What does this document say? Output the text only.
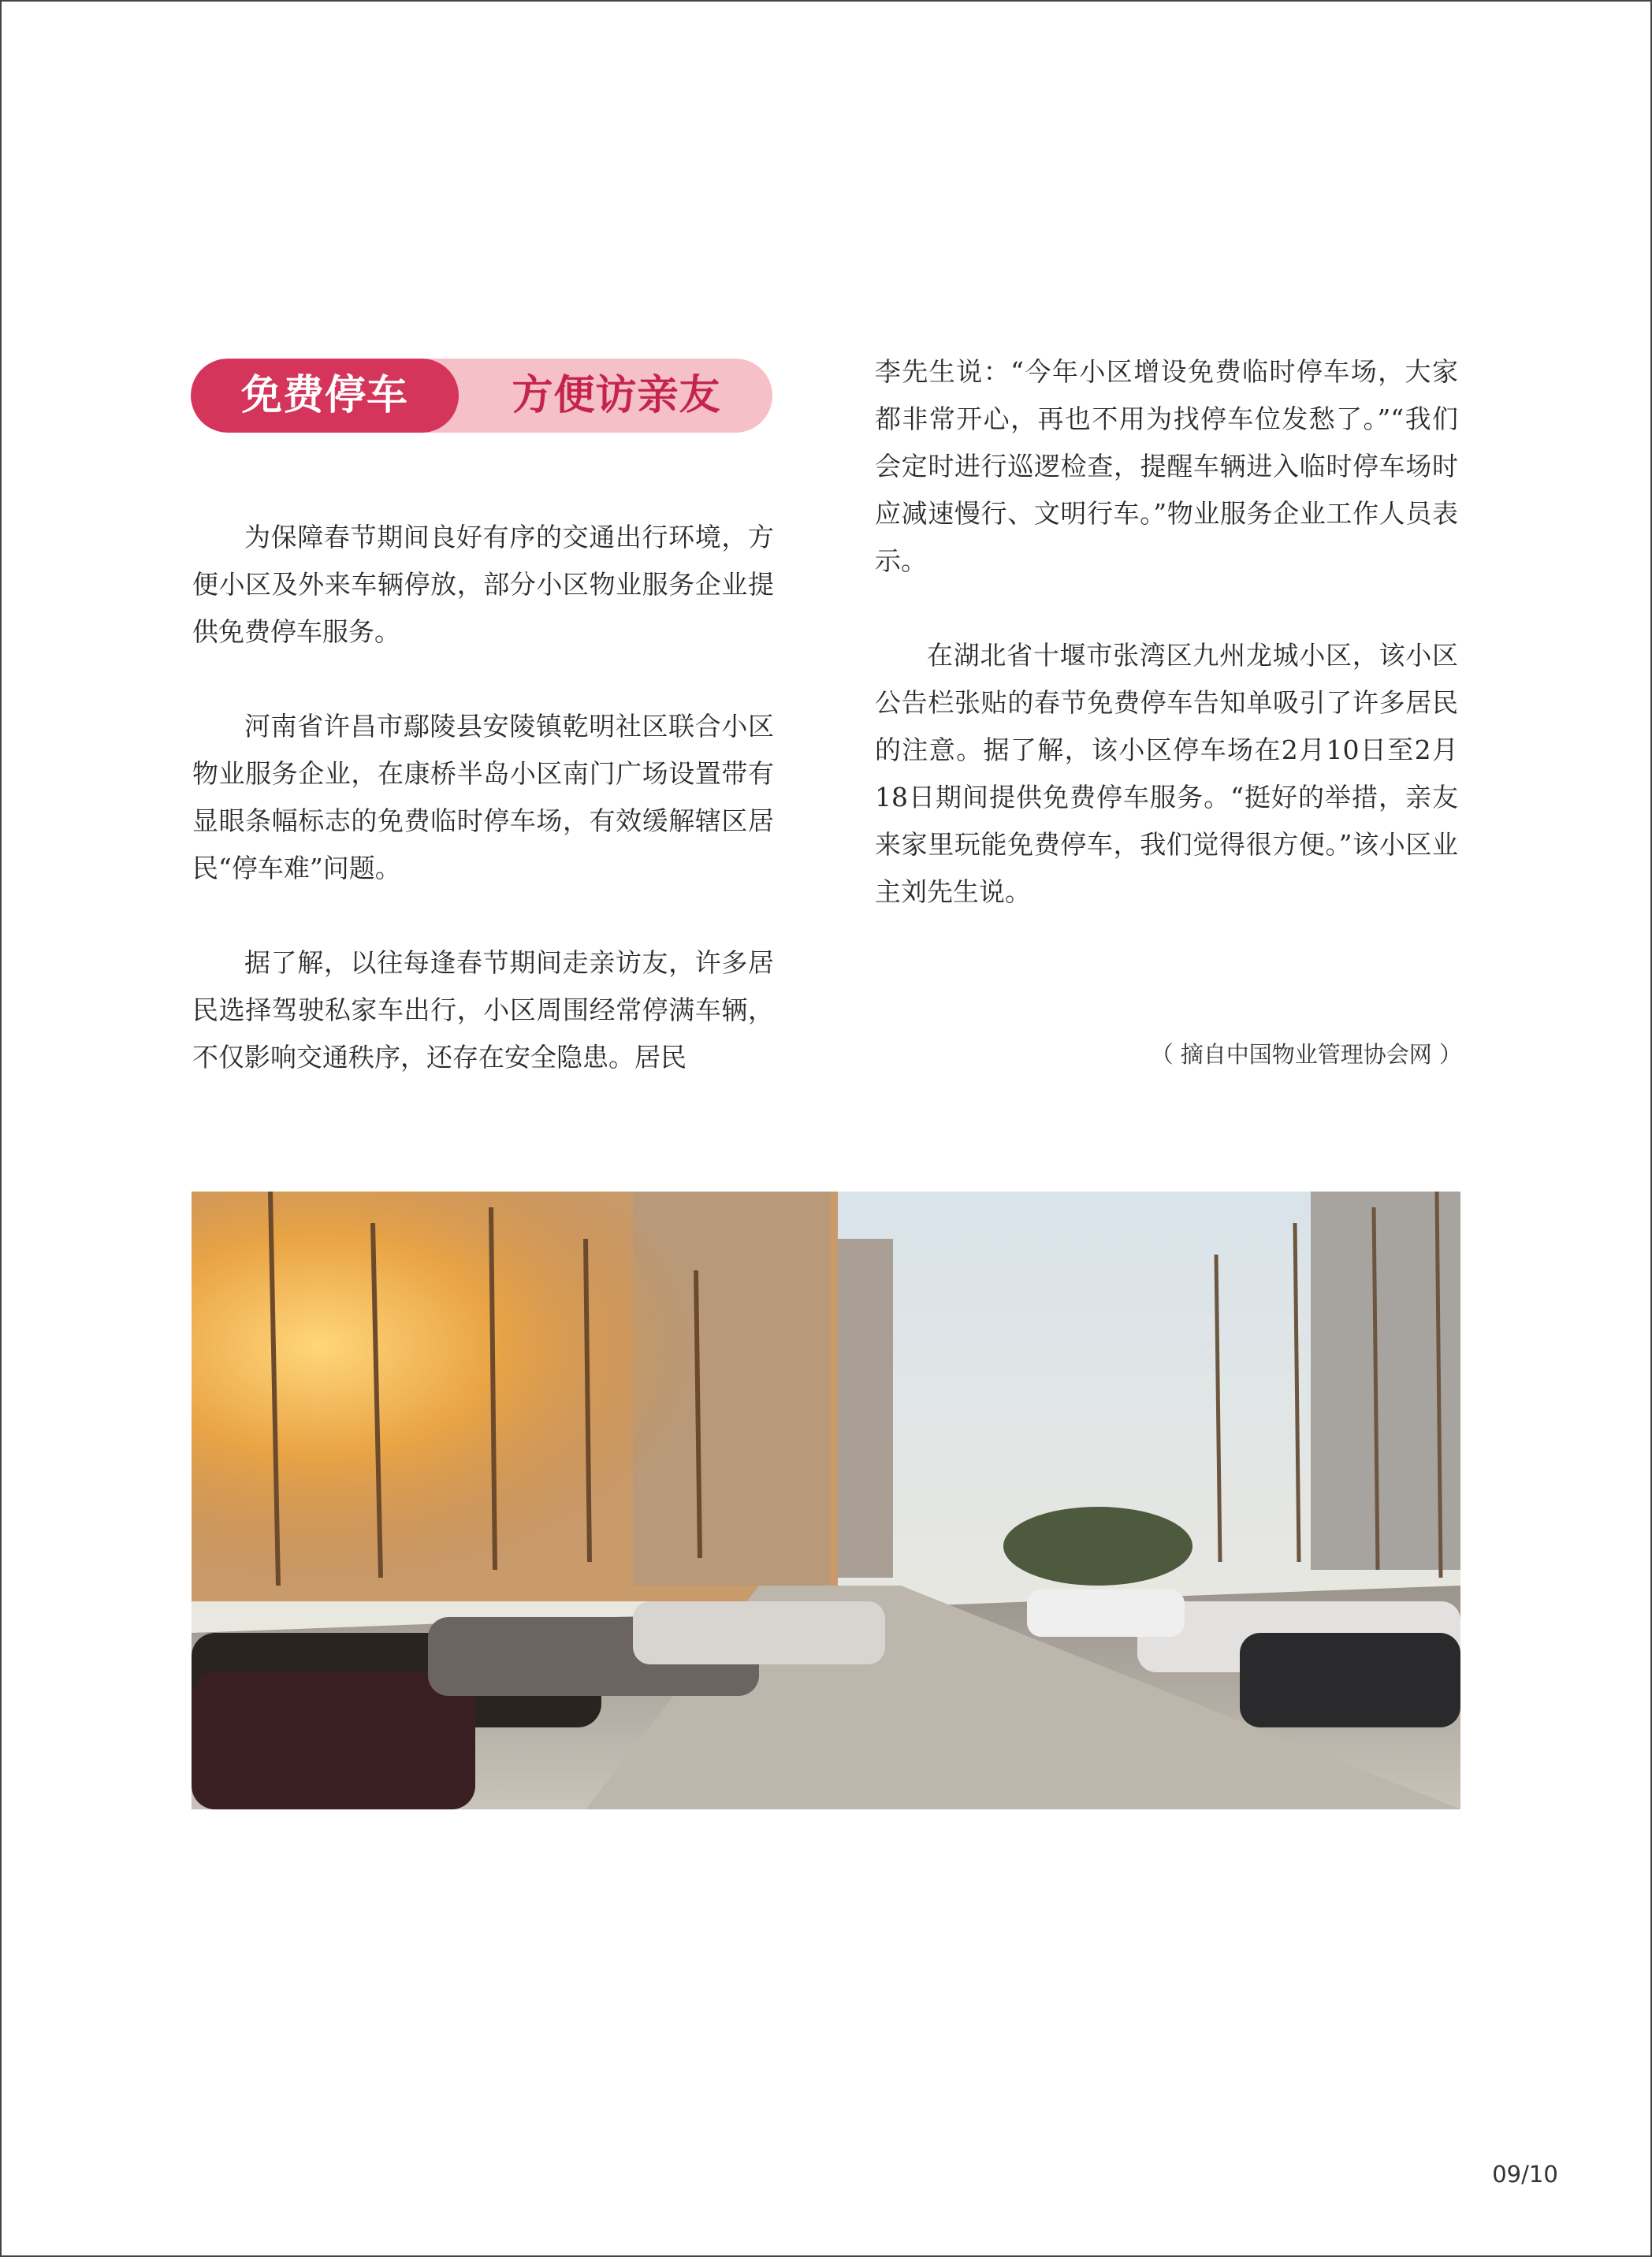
免费停车	方便访亲友

为保障春节期间良好有序的交通出行环境，方便小区及外来车辆停放，部分小区物业服务企业提供免费停车服务。

河南省许昌市鄢陵县安陵镇乾明社区联合小区物业服务企业，在康桥半岛小区南门广场设置带有显眼条幅标志的免费临时停车场，有效缓解辖区居民“停车难”问题。

据了解，以往每逢春节期间走亲访友，许多居民选择驾驶私家车出行，小区周围经常停满车辆，不仅影响交通秩序，还存在安全隐患。居民

李先生说：“今年小区增设免费临时停车场，大家都非常开心，再也不用为找停车位发愁了。”“我们会定时进行巡逻检查，提醒车辆进入临时停车场时应减速慢行、文明行车。”物业服务企业工作人员表示。

在湖北省十堰市张湾区九州龙城小区，该小区公告栏张贴的春节免费停车告知单吸引了许多居民的注意。据了解，该小区停车场在2月10日至2月18日期间提供免费停车服务。“挺好的举措，亲友来家里玩能免费停车，我们觉得很方便。”该小区业主刘先生说。

（ 摘自中国物业管理协会网 ）
09/10
